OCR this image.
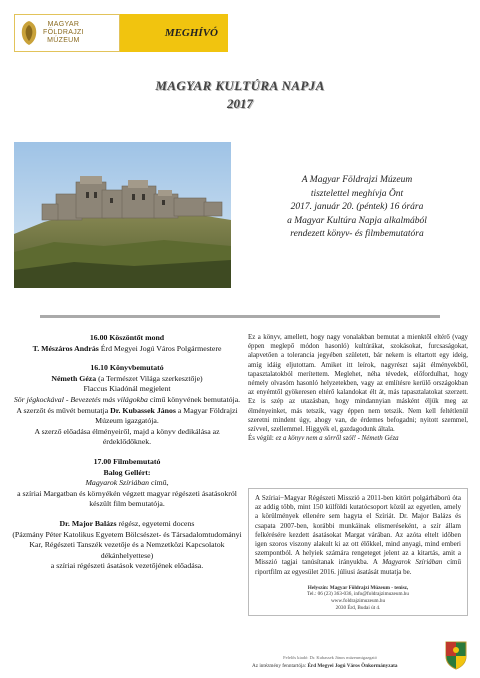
MAGYAR
FÖLDRAJZI
MÚZEUM
MEGHÍVÓ
MAGYAR KULTÚRA NAPJA
2017
A Magyar Földrajzi Múzeum
tisztelettel meghívja Önt
2017. január 20. (péntek) 16 órára
a Magyar Kultúra Napja alkalmából
rendezett könyv- és filmbemutatóra
16.00 Köszöntőt mond
T. Mészáros András Érd Megyei Jogú Város Polgármestere
16.10 Könyvbemutató
Németh Géza (a Természet Világa szerkesztője)
Flaccus Kiadónál megjelent
Sör jégkockával - Bevezetés más világokba című könyvének bemutatója.
A szerzőt és művét bemutatja Dr. Kubassek János a Magyar Földrajzi Múzeum igazgatója.
A szerző előadása élményeiről, majd a könyv dedikálása az érdeklődőknek.
17.00 Filmbemutató
Balog Gellért:
Magyarok Szíriában című,
a szíriai Margatban és környékén végzett magyar régészeti ásatásokról készült film bemutatója.
Dr. Major Balázs régész, egyetemi docens
(Pázmány Péter Katolikus Egyetem Bölcsészet- és Társadalomtudományi Kar, Régészeti Tanszék vezetője és a Nemzetközi Kapcsolatok dékánhelyettese)
a szíriai régészeti ásatások vezetőjének előadása.
Ez a könyv, amellett, hogy nagy vonalakban bemutat a mienktől eltérő (vagy éppen meglepő módon hasonló) kultúrákat, szokásokat, furcsaságokat, alapvetően a tolerancia jegyében született, bár nekem is eltartott egy ideig, amíg idáig eljutottam. Amiket itt leírok, nagyrészt saját élményekből, tapasztalatokból merítettem. Meglehet, néha tévedek, előfordulhat, hogy némely olvasóm hasonló helyzetekben, vagy az említésre kerülő országokban az enyémtől gyökeresen eltérő kalandokat élt át, más tapasztalatokat szerzett. Ez is szép az utazásban, hogy mindannyian másként éljük meg az élményeinket, más tetszik, vagy éppen nem tetszik. Nem kell feltétlenül szeretni mindent úgy, ahogy van, de érdemes befogadni; nyitott szemmel, szívvel, szellemmel. Higgyék el, gazdagodunk általa.
És végül: ez a könyv nem a sörről szól! - Németh Géza

A Szíriai−Magyar Régészeti Misszió a 2011-ben kitört polgárháború óta az addig több, mint 150 külföldi kutatócsoport közül az egyetlen, amely a körülmények ellenére sem hagyta el Szíriát. Dr. Major Balázs és csapata 2007-ben, korábbi munkáinak elismeréseként, a szír állam felkérésére kezdett ásatásokat Margat várában. Az azóta eltelt időben igen szoros viszony alakult ki az ott élőkkel, mind anyagi, mind emberi szempontból. A helyiek számára rengeteget jelent az a kitartás, amit a Misszió tagjai tanúsítanak irányukba. A Magyarok Szíriában című riportfilm az egyesület 2016. júliusi ásatását mutatja be.

Helyszín: Magyar Földrajzi Múzeum - tenisz,
Tel.: 06 (23) 363-036, info@foldrajzimuzeum.hu
www.foldrajzimuzeum.hu
2030 Érd, Budai út 4.
Felelős kiadó: Dr. Kubassek János múzeumigazgató
Az intézmény fenntartója: Érd Megyei Jogú Város Önkormányzata
